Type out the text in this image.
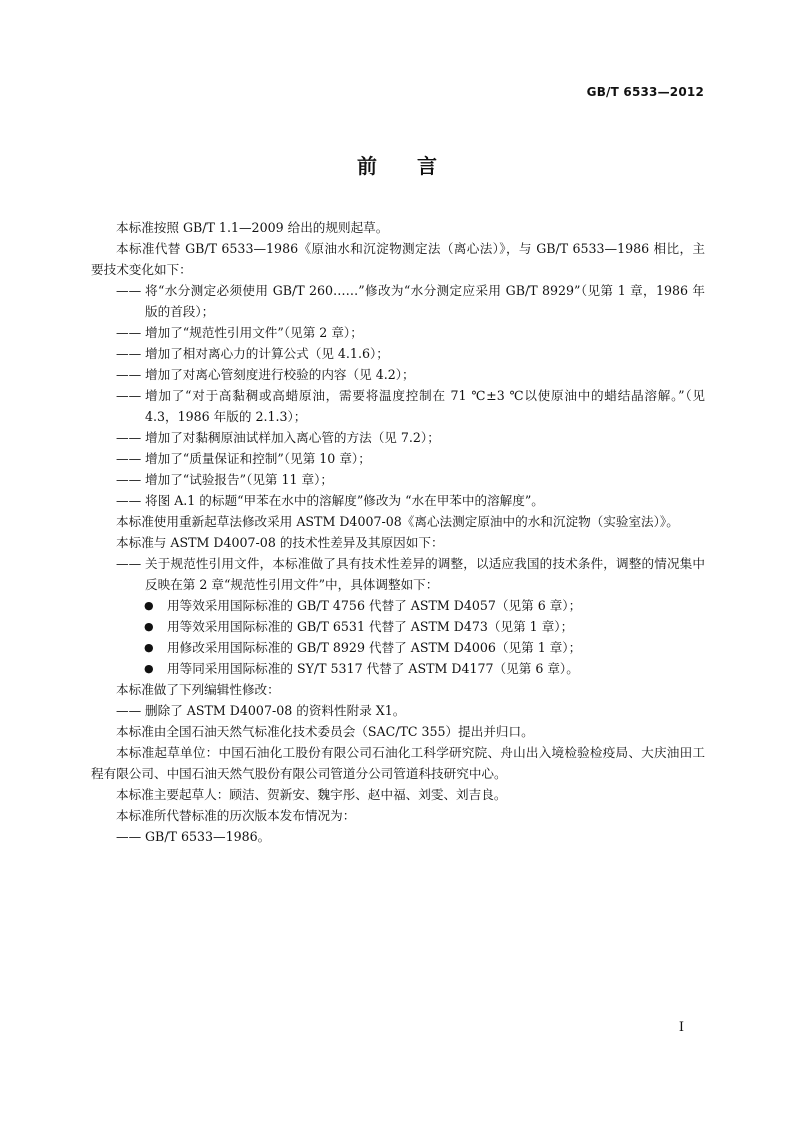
GB/T 6533—2012
前言

本标准按照 GB/T 1.1—2009 给出的规则起草。

本标准代替 GB/T 6533—1986《原油水和沉淀物测定法（离心法）》，与 GB/T 6533—1986 相比，主要技术变化如下：

—— 将“水分测定必须使用 GB/T 260……”修改为“水分测定应采用 GB/T 8929”（见第 1 章，1986 年版的首段）；

—— 增加了“规范性引用文件”（见第 2 章）；

—— 增加了相对离心力的计算公式（见 4.1.6）；

—— 增加了对离心管刻度进行校验的内容（见 4.2）；

—— 增加了“对于高黏稠或高蜡原油，需要将温度控制在 71 ℃±3 ℃以使原油中的蜡结晶溶解。”（见 4.3，1986 年版的 2.1.3）；

—— 增加了对黏稠原油试样加入离心管的方法（见 7.2）；

—— 增加了“质量保证和控制”（见第 10 章）；

—— 增加了“试验报告”（见第 11 章）；

—— 将图 A.1 的标题“甲苯在水中的溶解度”修改为 “水在甲苯中的溶解度”。

本标准使用重新起草法修改采用 ASTM D4007-08《离心法测定原油中的水和沉淀物（实验室法）》。

本标准与 ASTM D4007-08 的技术性差异及其原因如下：

—— 关于规范性引用文件，本标准做了具有技术性差异的调整，以适应我国的技术条件，调整的情况集中反映在第 2 章“规范性引用文件”中，具体调整如下：

● 用等效采用国际标准的 GB/T 4756 代替了 ASTM D4057（见第 6 章）；

● 用等效采用国际标准的 GB/T 6531 代替了 ASTM D473（见第 1 章）；

● 用修改采用国际标准的 GB/T 8929 代替了 ASTM D4006（见第 1 章）；

● 用等同采用国际标准的 SY/T 5317 代替了 ASTM D4177（见第 6 章）。

本标准做了下列编辑性修改：

—— 删除了 ASTM D4007-08 的资料性附录 X1。

本标准由全国石油天然气标准化技术委员会（SAC/TC 355）提出并归口。

本标准起草单位：中国石油化工股份有限公司石油化工科学研究院、舟山出入境检验检疫局、大庆油田工程有限公司、中国石油天然气股份有限公司管道分公司管道科技研究中心。

本标准主要起草人：顾洁、贺新安、魏宇彤、赵中福、刘雯、刘吉良。

本标准所代替标准的历次版本发布情况为：

—— GB/T 6533—1986。

I
